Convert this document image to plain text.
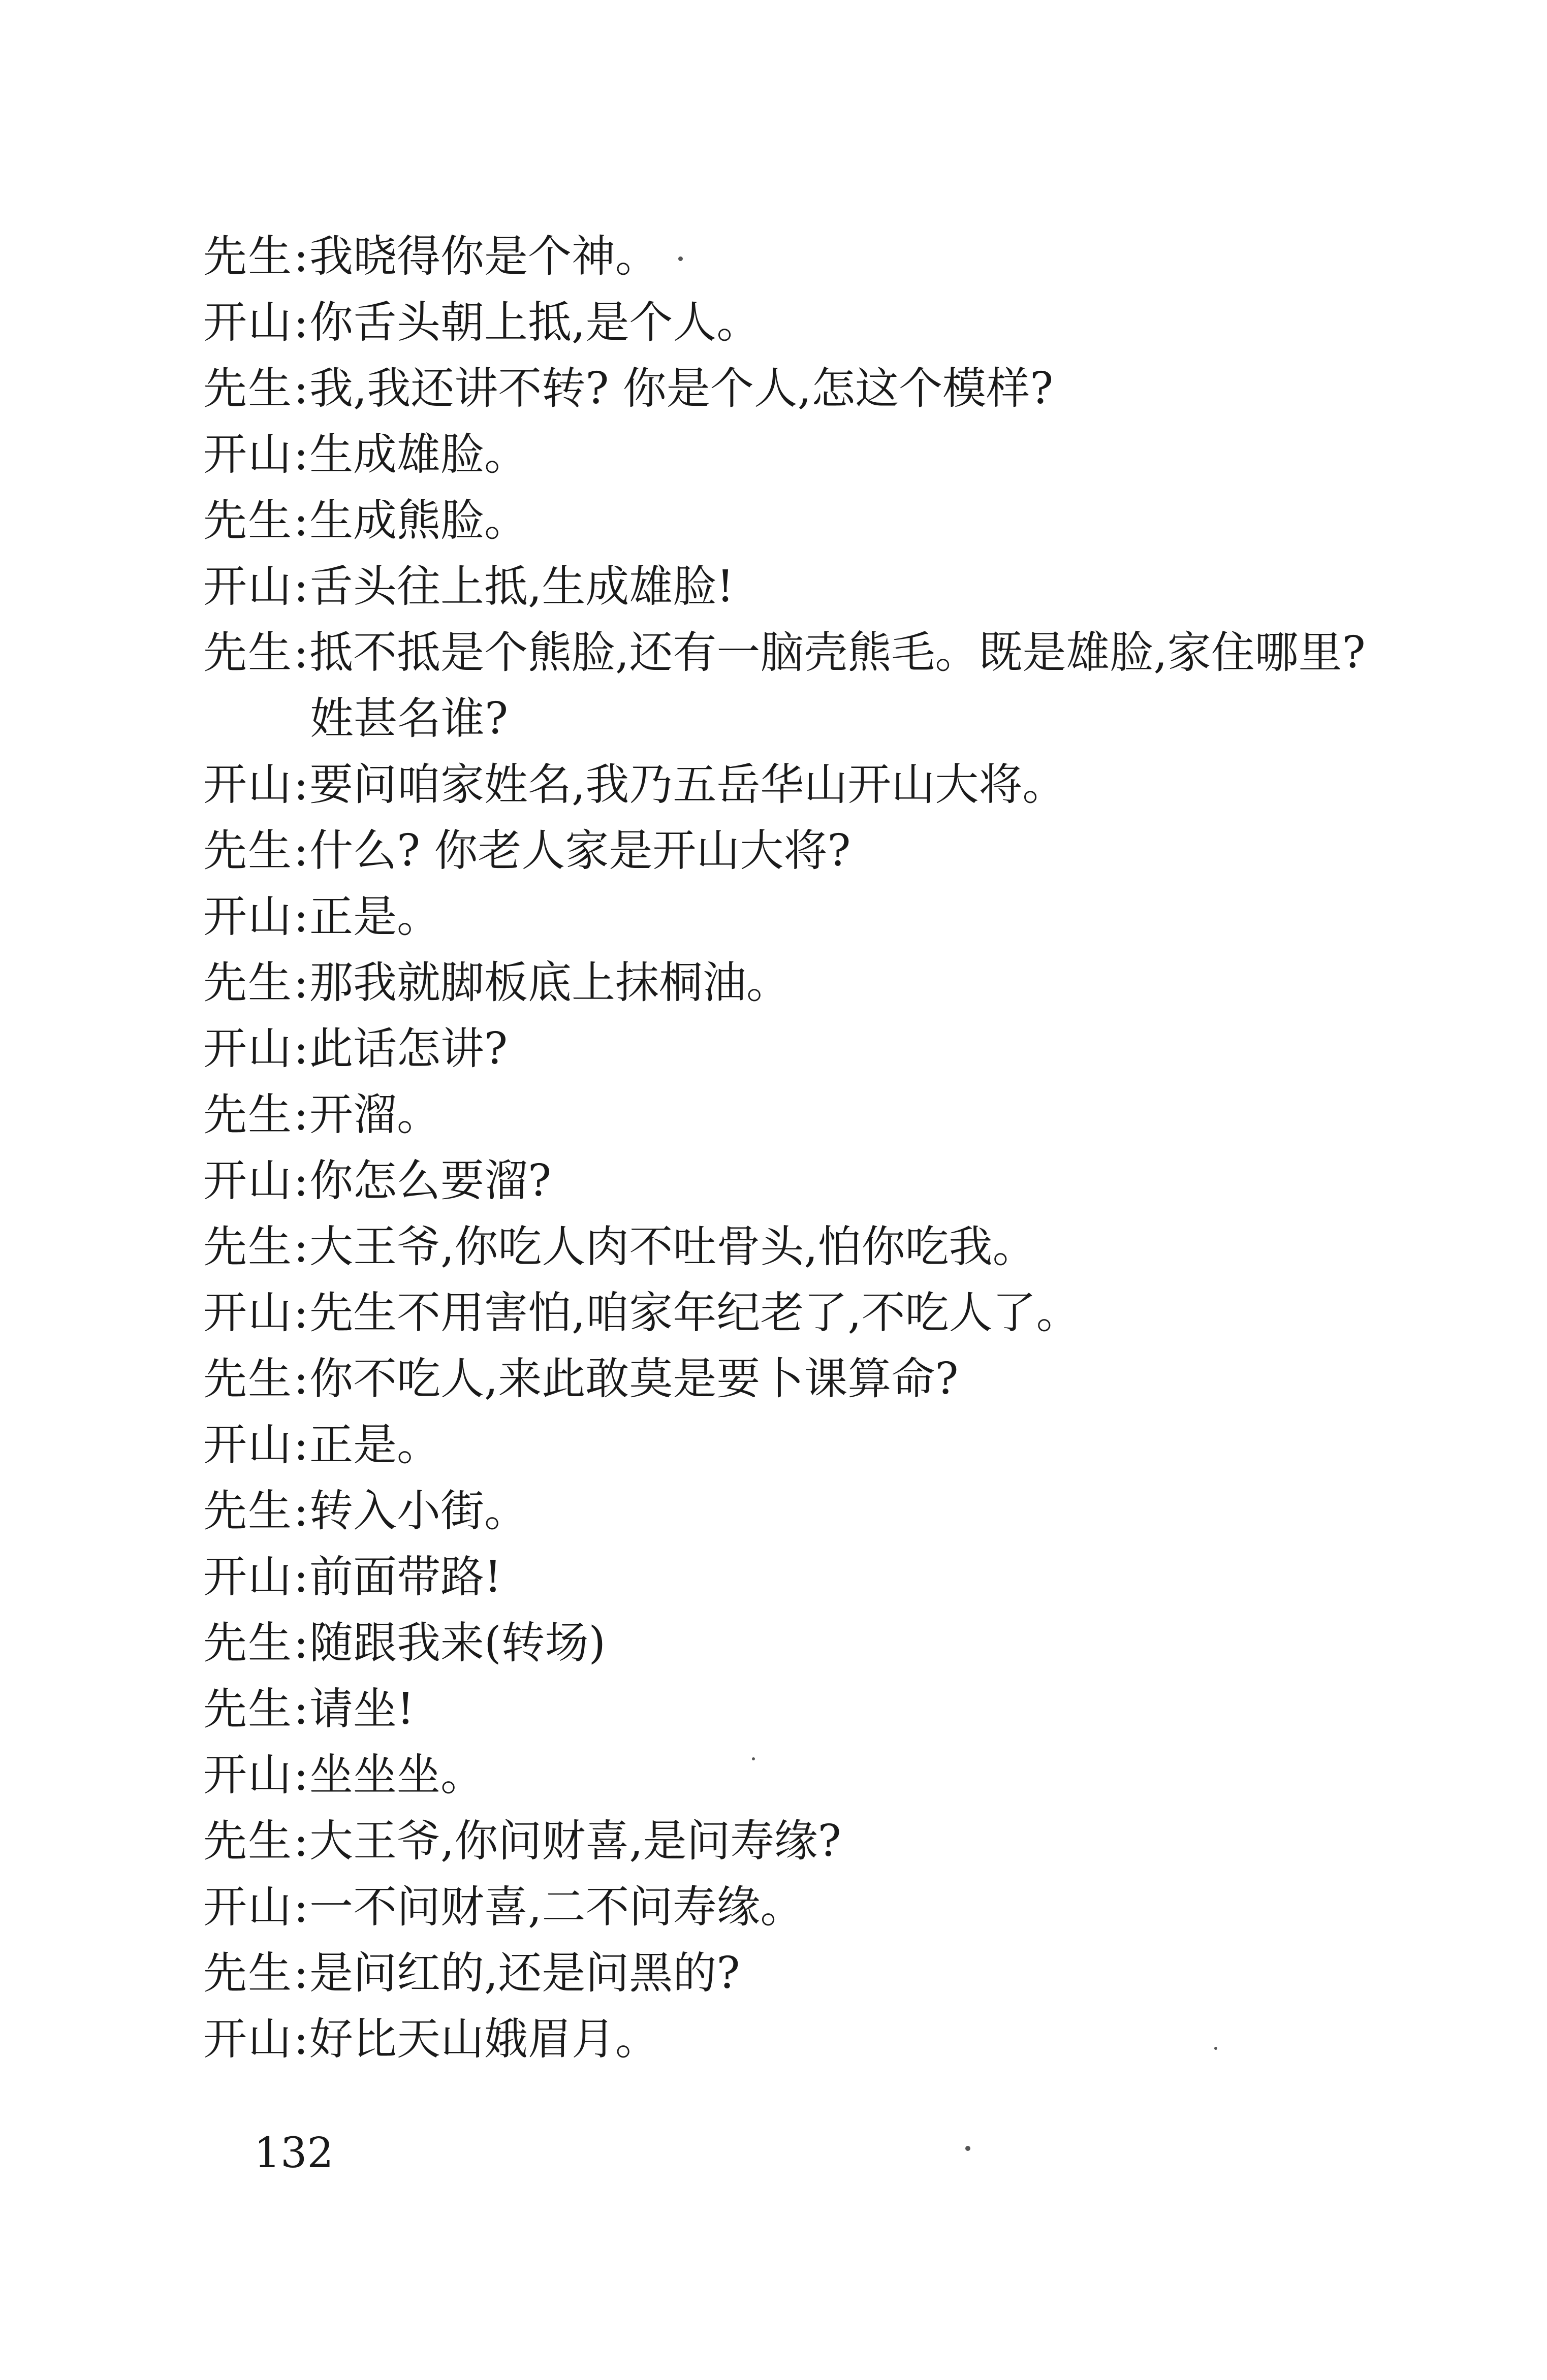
先生:我晓得你是个神。
开山:你舌头朝上抵,是个人。
先生:我,我还讲不转? 你是个人,怎这个模样?
开山:生成雄脸。
先生:生成熊脸。
开山:舌头往上抵,生成雄脸!
先生:抵不抵是个熊脸,还有一脑壳熊毛。既是雄脸,家住哪里?
姓甚名谁?
开山:要问咱家姓名,我乃五岳华山开山大将。
先生:什么? 你老人家是开山大将?
开山:正是。
先生:那我就脚板底上抹桐油。
开山:此话怎讲?
先生:开溜。
开山:你怎么要溜?
先生:大王爷,你吃人肉不吐骨头,怕你吃我。
开山:先生不用害怕,咱家年纪老了,不吃人了。
先生:你不吃人,来此敢莫是要卜课算命?
开山:正是。
先生:转入小街。
开山:前面带路!
先生:随跟我来(转场)
先生:请坐!
开山:坐坐坐。
先生:大王爷,你问财喜,是问寿缘?
开山:一不问财喜,二不问寿缘。
先生:是问红的,还是问黑的?
开山:好比天山娥眉月。
132
